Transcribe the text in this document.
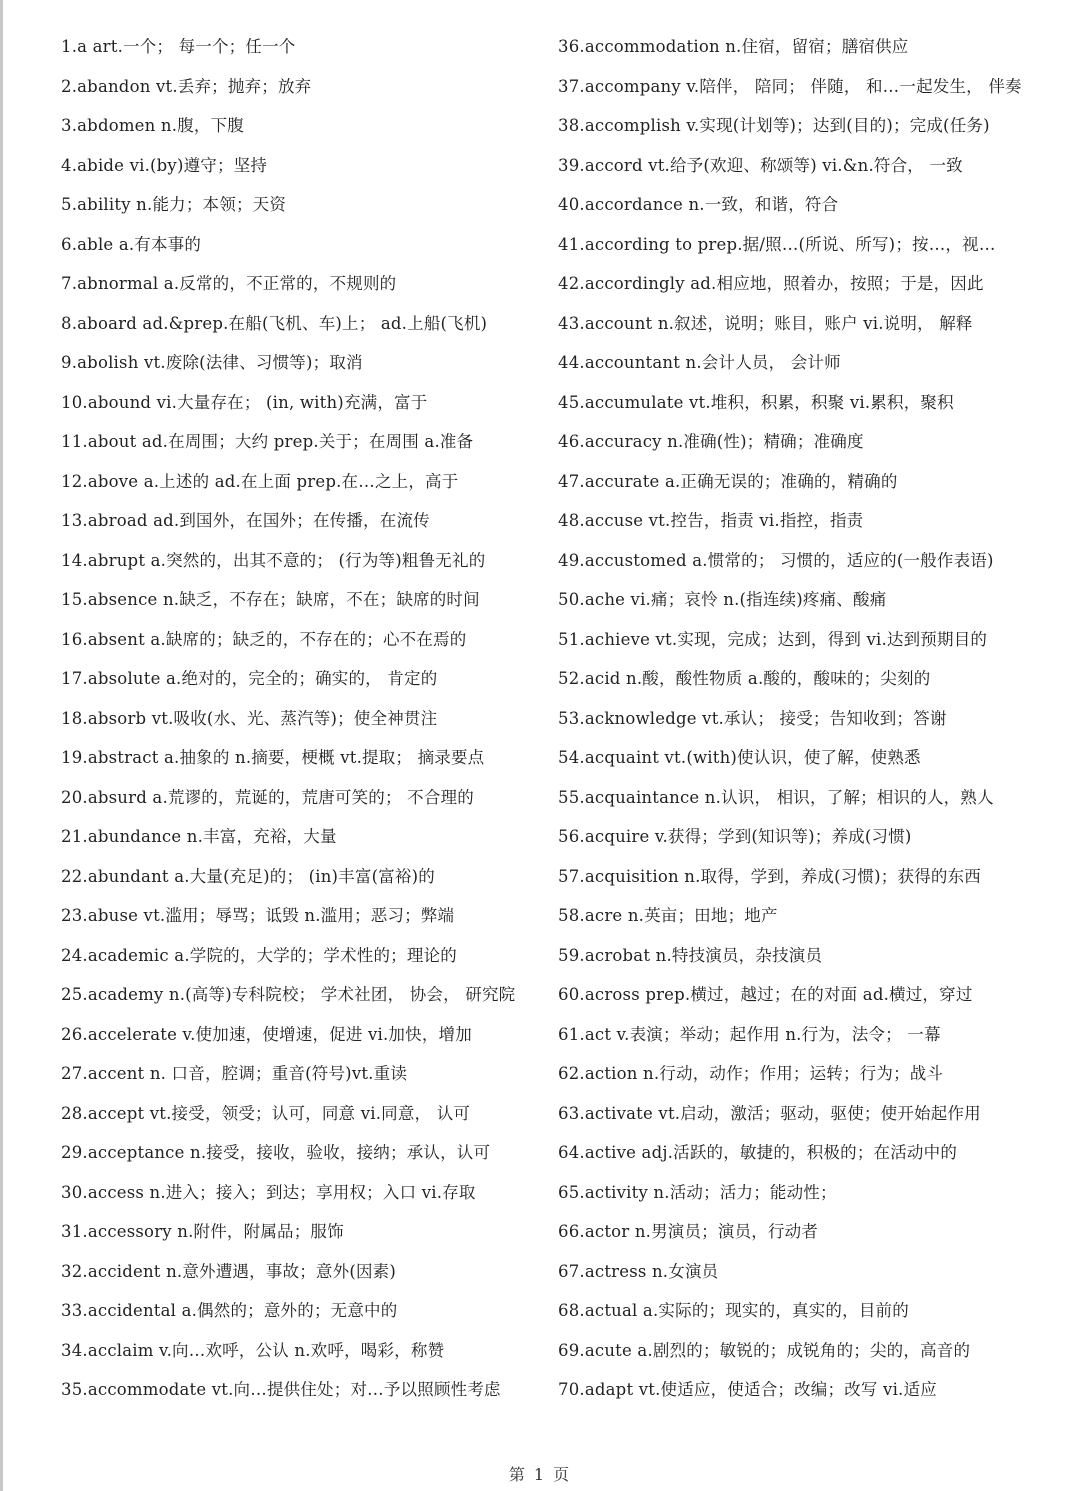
1.a art.一个； 每一个；任一个
2.abandon vt.丢弃；抛弃；放弃
3.abdomen n.腹，下腹
4.abide vi.(by)遵守；坚持
5.ability n.能力；本领；天资
6.able a.有本事的
7.abnormal a.反常的，不正常的，不规则的
8.aboard ad.&prep.在船(飞机、车)上； ad.上船(飞机)
9.abolish vt.废除(法律、习惯等)；取消
10.abound vi.大量存在； (in, with)充满，富于
11.about ad.在周围；大约 prep.关于；在周围 a.准备
12.above a.上述的 ad.在上面 prep.在…之上，高于
13.abroad ad.到国外，在国外；在传播，在流传
14.abrupt a.突然的，出其不意的； (行为等)粗鲁无礼的
15.absence n.缺乏，不存在；缺席，不在；缺席的时间
16.absent a.缺席的；缺乏的，不存在的；心不在焉的
17.absolute a.绝对的，完全的；确实的， 肯定的
18.absorb vt.吸收(水、光、蒸汽等)；使全神贯注
19.abstract a.抽象的 n.摘要，梗概 vt.提取； 摘录要点
20.absurd a.荒谬的，荒诞的，荒唐可笑的； 不合理的
21.abundance n.丰富，充裕，大量
22.abundant a.大量(充足)的； (in)丰富(富裕)的
23.abuse vt.滥用；辱骂；诋毁 n.滥用；恶习；弊端
24.academic a.学院的，大学的；学术性的；理论的
25.academy n.(高等)专科院校； 学术社团， 协会， 研究院
26.accelerate v.使加速，使增速，促进 vi.加快，增加
27.accent n. 口音，腔调；重音(符号)vt.重读
28.accept vt.接受，领受；认可，同意 vi.同意， 认可
29.acceptance n.接受，接收，验收，接纳；承认，认可
30.access n.进入；接入；到达；享用权；入口 vi.存取
31.accessory n.附件，附属品；服饰
32.accident n.意外遭遇，事故；意外(因素)
33.accidental a.偶然的；意外的；无意中的
34.acclaim v.向…欢呼，公认 n.欢呼，喝彩，称赞
35.accommodate vt.向…提供住处；对…予以照顾性考虑
36.accommodation n.住宿，留宿；膳宿供应
37.accompany v.陪伴， 陪同； 伴随， 和…一起发生， 伴奏
38.accomplish v.实现(计划等)；达到(目的)；完成(任务)
39.accord vt.给予(欢迎、称颂等) vi.&n.符合， 一致
40.accordance n.一致，和谐，符合
41.according to prep.据/照…(所说、所写)；按…，视…
42.accordingly ad.相应地，照着办，按照；于是，因此
43.account n.叙述，说明；账目，账户 vi.说明， 解释
44.accountant n.会计人员， 会计师
45.accumulate vt.堆积，积累，积聚 vi.累积，聚积
46.accuracy n.准确(性)；精确；准确度
47.accurate a.正确无误的；准确的，精确的
48.accuse vt.控告，指责 vi.指控，指责
49.accustomed a.惯常的； 习惯的，适应的(一般作表语)
50.ache vi.痛；哀怜 n.(指连续)疼痛、酸痛
51.achieve vt.实现，完成；达到，得到 vi.达到预期目的
52.acid n.酸，酸性物质 a.酸的，酸味的；尖刻的
53.acknowledge vt.承认； 接受；告知收到；答谢
54.acquaint vt.(with)使认识，使了解，使熟悉
55.acquaintance n.认识， 相识，了解；相识的人，熟人
56.acquire v.获得；学到(知识等)；养成(习惯)
57.acquisition n.取得，学到，养成(习惯)；获得的东西
58.acre n.英亩；田地；地产
59.acrobat n.特技演员，杂技演员
60.across prep.横过，越过；在的对面 ad.横过，穿过
61.act v.表演；举动；起作用 n.行为，法令； 一幕
62.action n.行动，动作；作用；运转；行为；战斗
63.activate vt.启动，激活；驱动，驱使；使开始起作用
64.active adj.活跃的，敏捷的，积极的；在活动中的
65.activity n.活动；活力；能动性；
66.actor n.男演员；演员，行动者
67.actress n.女演员
68.actual a.实际的；现实的，真实的，目前的
69.acute a.剧烈的；敏锐的；成锐角的；尖的，高音的
70.adapt vt.使适应，使适合；改编；改写 vi.适应
第 1 页
